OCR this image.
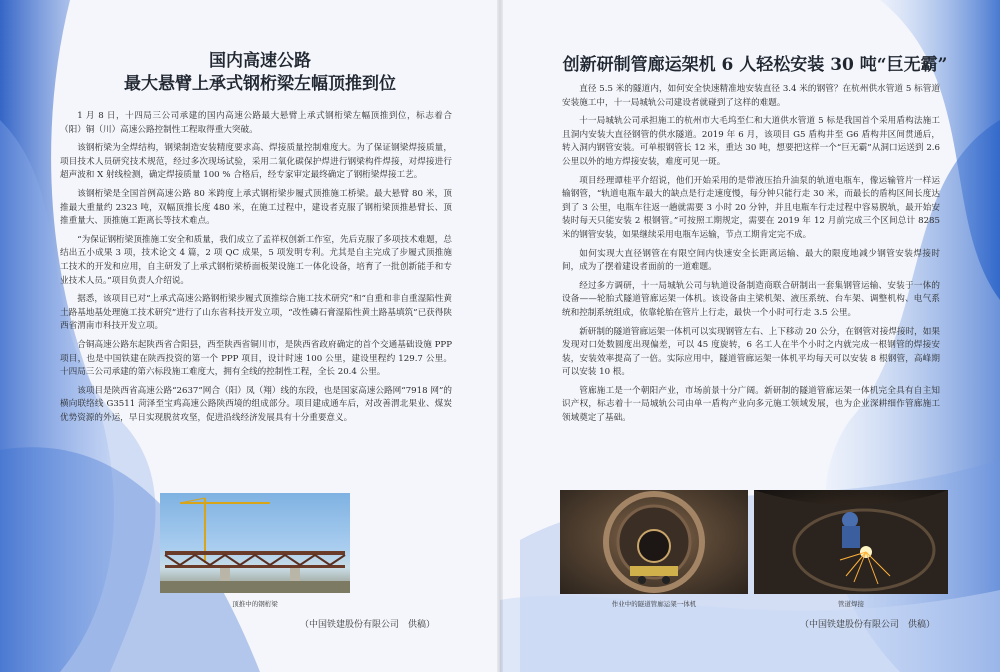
国内高速公路
最大悬臂上承式钢桁梁左幅顶推到位

1 月 8 日，十四局三公司承建的国内高速公路最大悬臂上承式钢桁梁左幅顶推到位，标志着合（阳）铜（川）高速公路控制性工程取得重大突破。

该钢桁梁为全焊结构，钢梁制造安装精度要求高、焊接质量控制难度大。为了保证钢梁焊接质量，项目技术人员研究技术规范，经过多次现场试验，采用二氧化碳保护焊进行钢梁构件焊接，对焊接进行超声波和 X 射线检测，确定焊接质量 100 % 合格后，经专家审定最终确定了钢桁梁焊接工艺。

该钢桁梁是全国首例高速公路 80 米跨度上承式钢桁梁步履式顶推施工桥梁。最大悬臂 80 米，顶推最大重量约 2323 吨，双幅顶推长度 480 米，在施工过程中，建设者克服了钢桁梁顶推悬臂长、顶推重量大、顶推施工距离长等技术难点。

“为保证钢桁梁顶推施工安全和质量，我们成立了孟祥权创新工作室，先后克服了多项技术难题，总结出五小成果 3 项，技术论文 4 篇，2 项 QC 成果，5 项发明专利。尤其是自主完成了步履式顶推施工技术的开发和应用，自主研发了上承式钢桁梁桥面板架设施工一体化设备，培育了一批创新能手和专业技术人员。”项目负责人介绍说。

据悉，该项目已对“上承式高速公路钢桁梁步履式顶推综合施工技术研究”和“自重和非自重湿陷性黄土路基地基处理施工技术研究”进行了山东省科技开发立项，“改性磷石膏湿陷性黄土路基填筑”已获得陕西省渭南市科技开发立项。

合铜高速公路东起陕西省合阳县，西至陕西省铜川市，是陕西省政府确定的首个交通基础设施 PPP 项目，也是中国铁建在陕西投资的第一个 PPP 项目，设计时速 100 公里，建设里程约 129.7 公里。十四局三公司承建的第六标段施工难度大，拥有全线的控制性工程，全长 20.4 公里。

该项目是陕西省高速公路“2637”网合（阳）凤（翔）线的东段，也是国家高速公路网“7918 网”的横向联络线 G3511 菏泽至宝鸡高速公路陕西境的组成部分。项目建成通车后，对改善渭北果业、煤炭优势资源的外运，早日实现脱贫攻坚，促进沿线经济发展具有十分重要意义。

顶推中的钢桁梁
（中国铁建股份有限公司　供稿）
创新研制管廊运架机 6 人轻松安装 30 吨“巨无霸”

直径 5.5 米的隧道内，如何安全快速精准地安装直径 3.4 米的钢管？在杭州供水管道 5 标管道安装施工中，十一局城轨公司建设者就碰到了这样的难题。

十一局城轨公司承担施工的杭州市大毛坞至仁和大道供水管道 5 标是我国首个采用盾构法施工且洞内安装大直径钢管的供水隧道。2019 年 6 月，该项目 G5 盾构井至 G6 盾构井区间贯通后，转入洞内钢管安装。可单根钢管长 12 米，重达 30 吨，想要把这样一个“巨无霸”从洞口运送到 2.6 公里以外的地方焊接安装，难度可见一斑。

项目经理谭桂平介绍说，他们开始采用的是带液压抬升油泵的轨道电瓶车，像运输管片一样运输钢管，“轨道电瓶车最大的缺点是行走速度慢，每分钟只能行走 30 米，而最长的盾构区间长度达到了 3 公里，电瓶车往返一趟就需要 3 小时 20 分钟，并且电瓶车行走过程中容易脱轨，最开始安装时每天只能安装 2 根钢管。”可按照工期规定，需要在 2019 年 12 月前完成三个区间总计 8285 米的钢管安装，如果继续采用电瓶车运输，节点工期肯定完不成。

如何实现大直径钢管在有限空间内快速安全长距离运输、最大的限度地减少钢管安装焊接时间，成为了摆着建设者面前的一道难题。

经过多方调研，十一局城轨公司与轨道设备制造商联合研制出一套集钢管运输、安装于一体的设备——轮胎式隧道管廊运架一体机。该设备由主梁机架、液压系统、台车架、调整机构、电气系统和控制系统组成，依靠轮胎在管片上行走，最快一个小时可行走 3.5 公里。

新研制的隧道管廊运架一体机可以实现钢管左右、上下移动 20 公分，在钢管对接焊接时，如果发现对口处数圆度出现偏差，可以 45 度旋转，6 名工人在半个小时之内就完成一根钢管的焊接安装，安装效率提高了一倍。实际应用中，隧道管廊运架一体机平均每天可以安装 8 根钢管，高峰期可以安装 10 根。

管廊施工是一个朝阳产业，市场前景十分广阔。新研制的隧道管廊运架一体机完全具有自主知识产权，标志着十一局城轨公司由单一盾构产业向多元施工领域发展，也为企业深耕细作管廊施工领域奠定了基础。

作业中的隧道管廊运架一体机	管道焊接
（中国铁建股份有限公司　供稿）
